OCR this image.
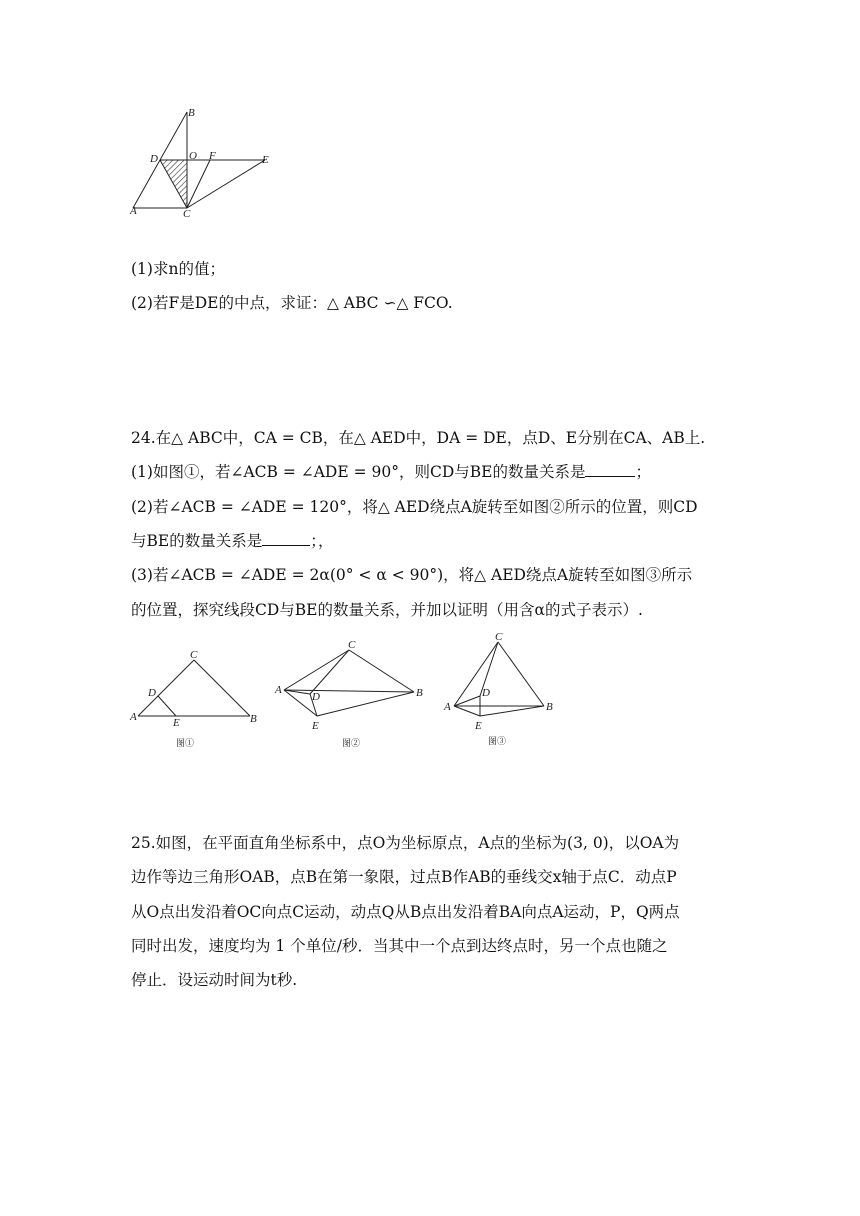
B
D	O F	E
A	C
(1)求n的值；
(2)若F是DE的中点，求证：△ ABC ∽△ FCO.
24.在△ ABC中，CA = CB，在△ AED中，DA = DE，点D、E分别在CA、AB上.
(1)如图①，若∠ACB = ∠ADE = 90°，则CD与BE的数量关系是	；
(2)若∠ACB = ∠ADE = 120°，将△ AED绕点A旋转至如图②所示的位置，则CD
与BE的数量关系是	；，
(3)若∠ACB = ∠ADE = 2α(0° < α < 90°)，将△ AED绕点A旋转至如图③所示
的位置，探究线段CD与BE的数量关系，并加以证明（用含α的式子表示）.
C
D
A	E	B
图①
C
A
D	B
E
图②
C
D
A	B
E
图③
25.如图，在平面直角坐标系中，点O为坐标原点，A点的坐标为(3, 0)，以OA为
边作等边三角形OAB，点B在第一象限，过点B作AB的垂线交x轴于点C．动点P
从O点出发沿着OC向点C运动，动点Q从B点出发沿着BA向点A运动，P，Q两点
同时出发，速度均为 1 个单位/秒．当其中一个点到达终点时，另一个点也随之
停止．设运动时间为t秒.
